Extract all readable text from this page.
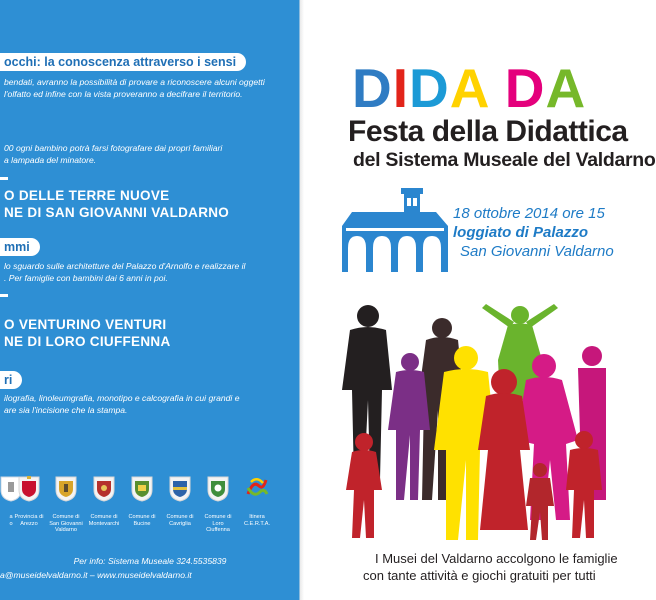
occhi: la conoscenza attraverso i sensi
bendati, avranno la possibilità di provare a riconoscere alcuni oggetti
l'olfatto ed infine con la vista proveranno a decifrare il territorio.
00 ogni bambino potrà farsi fotografare dai propri familiari
a lampada del minatore.
O DELLE TERRE NUOVE
NE DI SAN GIOVANNI VALDARNO
mmi
lo sguardo sulle architetture del Palazzo d'Arnolfo e realizzare il
. Per famiglie con bambini dai 6 anni in poi.
O VENTURINO VENTURI
NE DI LORO CIUFFENNA
ri
ilografia, linoleumgrafia, monotipo e calcografia in cui grandi e
are sia l'incisione che la stampa.
a
o
Provincia di
Arezzo
Comune di
San Giovanni
Valdarno
Comune di
Montevarchi
Comune di
Bucine
Comune di
Cavriglia
Comune di
Loro
Ciuffenna
Itinera
C.E.R.T.A.
Per info: Sistema Museale 324.5535839
a@museidelvaldarno.it – www.museidelvaldarno.it
DIDA DA
Festa della Didattica
del Sistema Museale del Valdarno
18 ottobre 2014 ore 15
loggiato di Palazzo
San Giovanni Valdarno
I Musei del Valdarno accolgono le famiglie
con tante attività e giochi gratuiti per tutti
